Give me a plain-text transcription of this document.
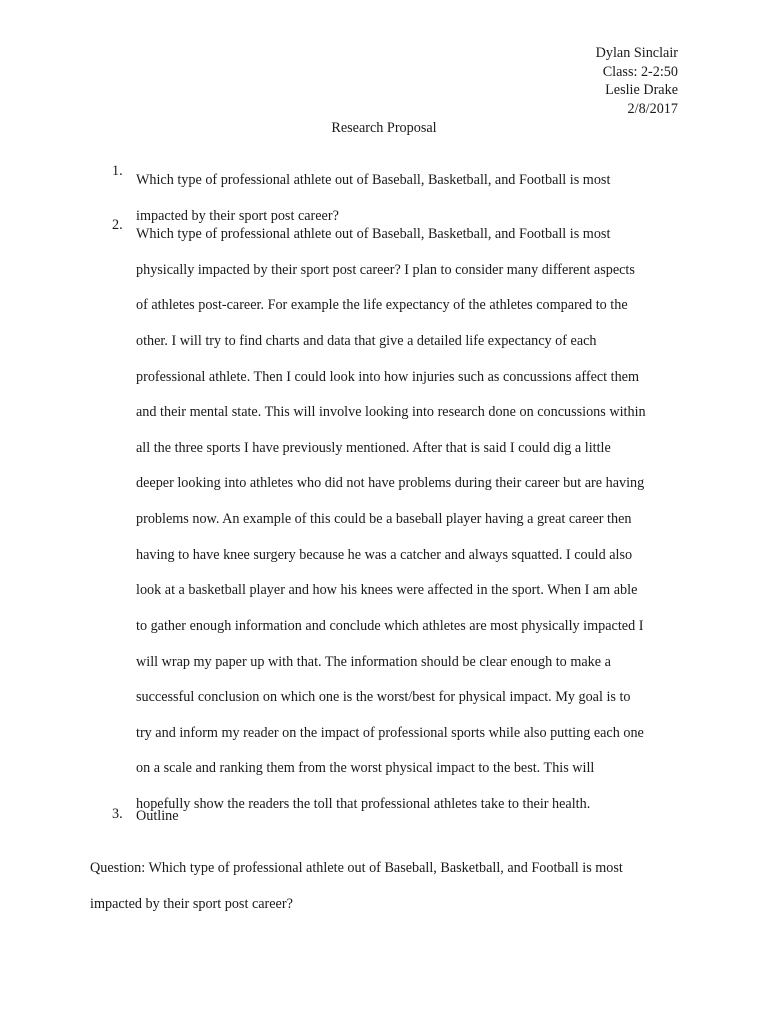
Dylan Sinclair
Class: 2-2:50
Leslie Drake
2/8/2017
Research Proposal
1.
Which type of professional athlete out of Baseball, Basketball, and Football is most
impacted by their sport post career?
2.
Which type of professional athlete out of Baseball, Basketball, and Football is most
physically impacted by their sport post career? I plan to consider many different aspects
of athletes post-career. For example the life expectancy of the athletes compared to the
other. I will try to find charts and data that give a detailed life expectancy of each
professional athlete. Then I could look into how injuries such as concussions affect them
and their mental state. This will involve looking into research done on concussions within
all the three sports I have previously mentioned. After that is said I could dig a little
deeper looking into athletes who did not have problems during their career but are having
problems now. An example of this could be a baseball player having a great career then
having to have knee surgery because he was a catcher and always squatted. I could also
look at a basketball player and how his knees were affected in the sport. When I am able
to gather enough information and conclude which athletes are most physically impacted I
will wrap my paper up with that. The information should be clear enough to make a
successful conclusion on which one is the worst/best for physical impact. My goal is to
try and inform my reader on the impact of professional sports while also putting each one
on a scale and ranking them from the worst physical impact to the best. This will
hopefully show the readers the toll that professional athletes take to their health.
3. Outline
Question: Which type of professional athlete out of Baseball, Basketball, and Football is most
impacted by their sport post career?
